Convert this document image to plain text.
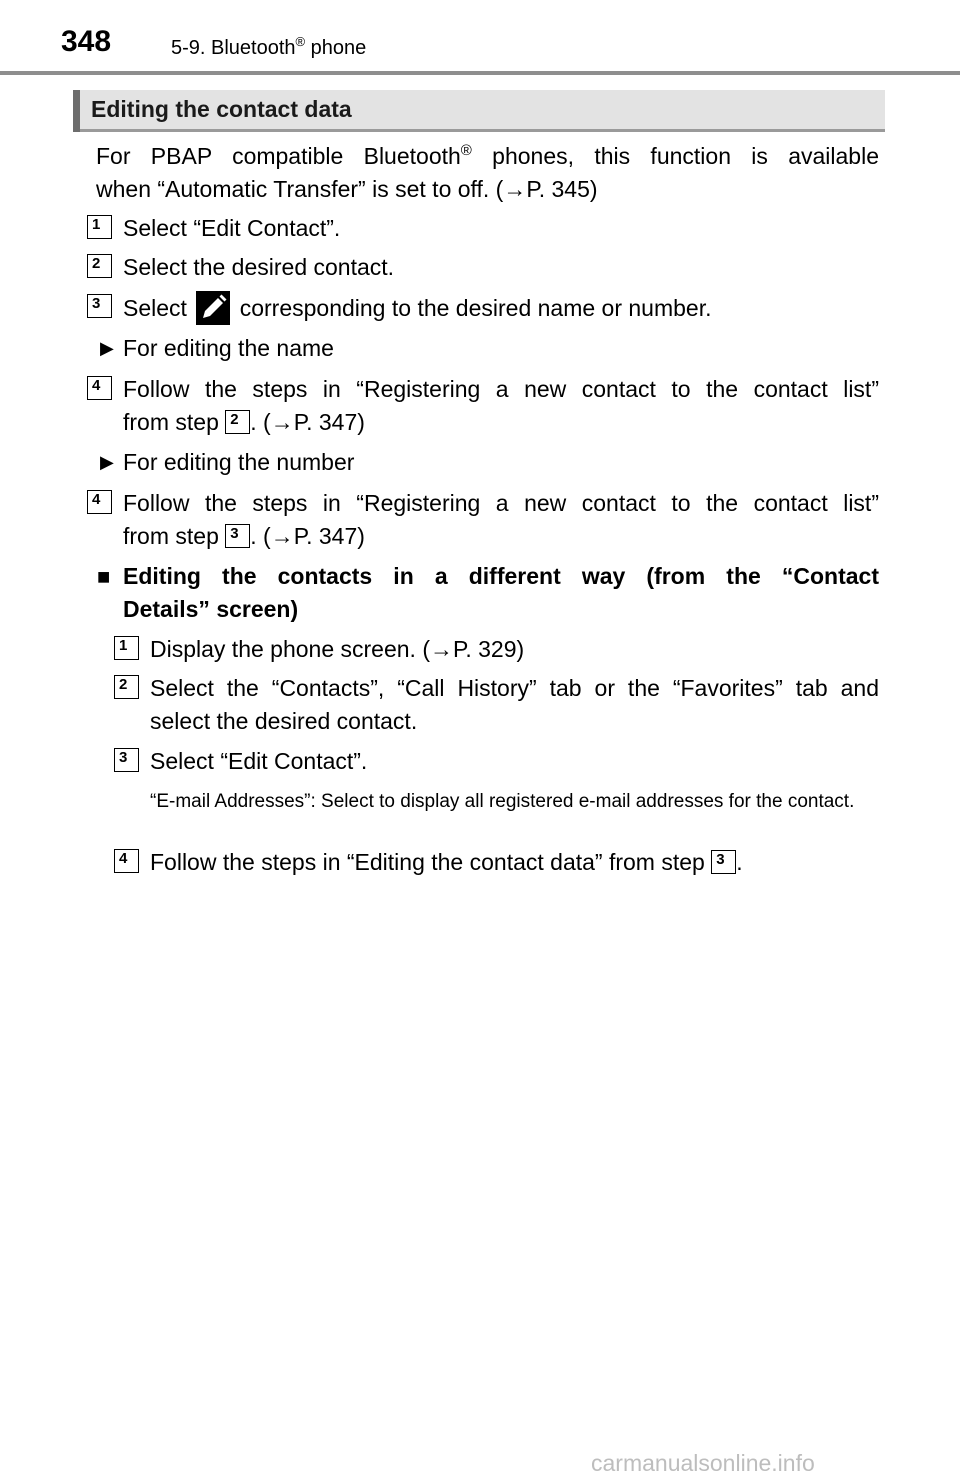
348	5-9. Bluetooth® phone
Editing the contact data
For PBAP compatible Bluetooth® phones, this function is available
when “Automatic Transfer” is set to off. (→P. 345)
1 Select “Edit Contact”.
2 Select the desired contact.
3 Select
corresponding to the desired name or number.
▶ For editing the name
4 Follow the steps in “Registering a new contact to the contact list”
from step 2 . (→P. 347)
▶ For editing the number
4 Follow the steps in “Registering a new contact to the contact list”
from step 3 . (→P. 347)
■ Editing the contacts in a different way (from the “Contact
Details” screen)
1 Display the phone screen. (→P. 329)
2 Select the “Contacts”, “Call History” tab or the “Favorites” tab and
select the desired contact.
3 Select “Edit Contact”.
“E-mail Addresses”: Select to display all registered e-mail addresses for the contact.
4 Follow the steps in “Editing the contact data” from step 3 .
carmanualsonline.info
